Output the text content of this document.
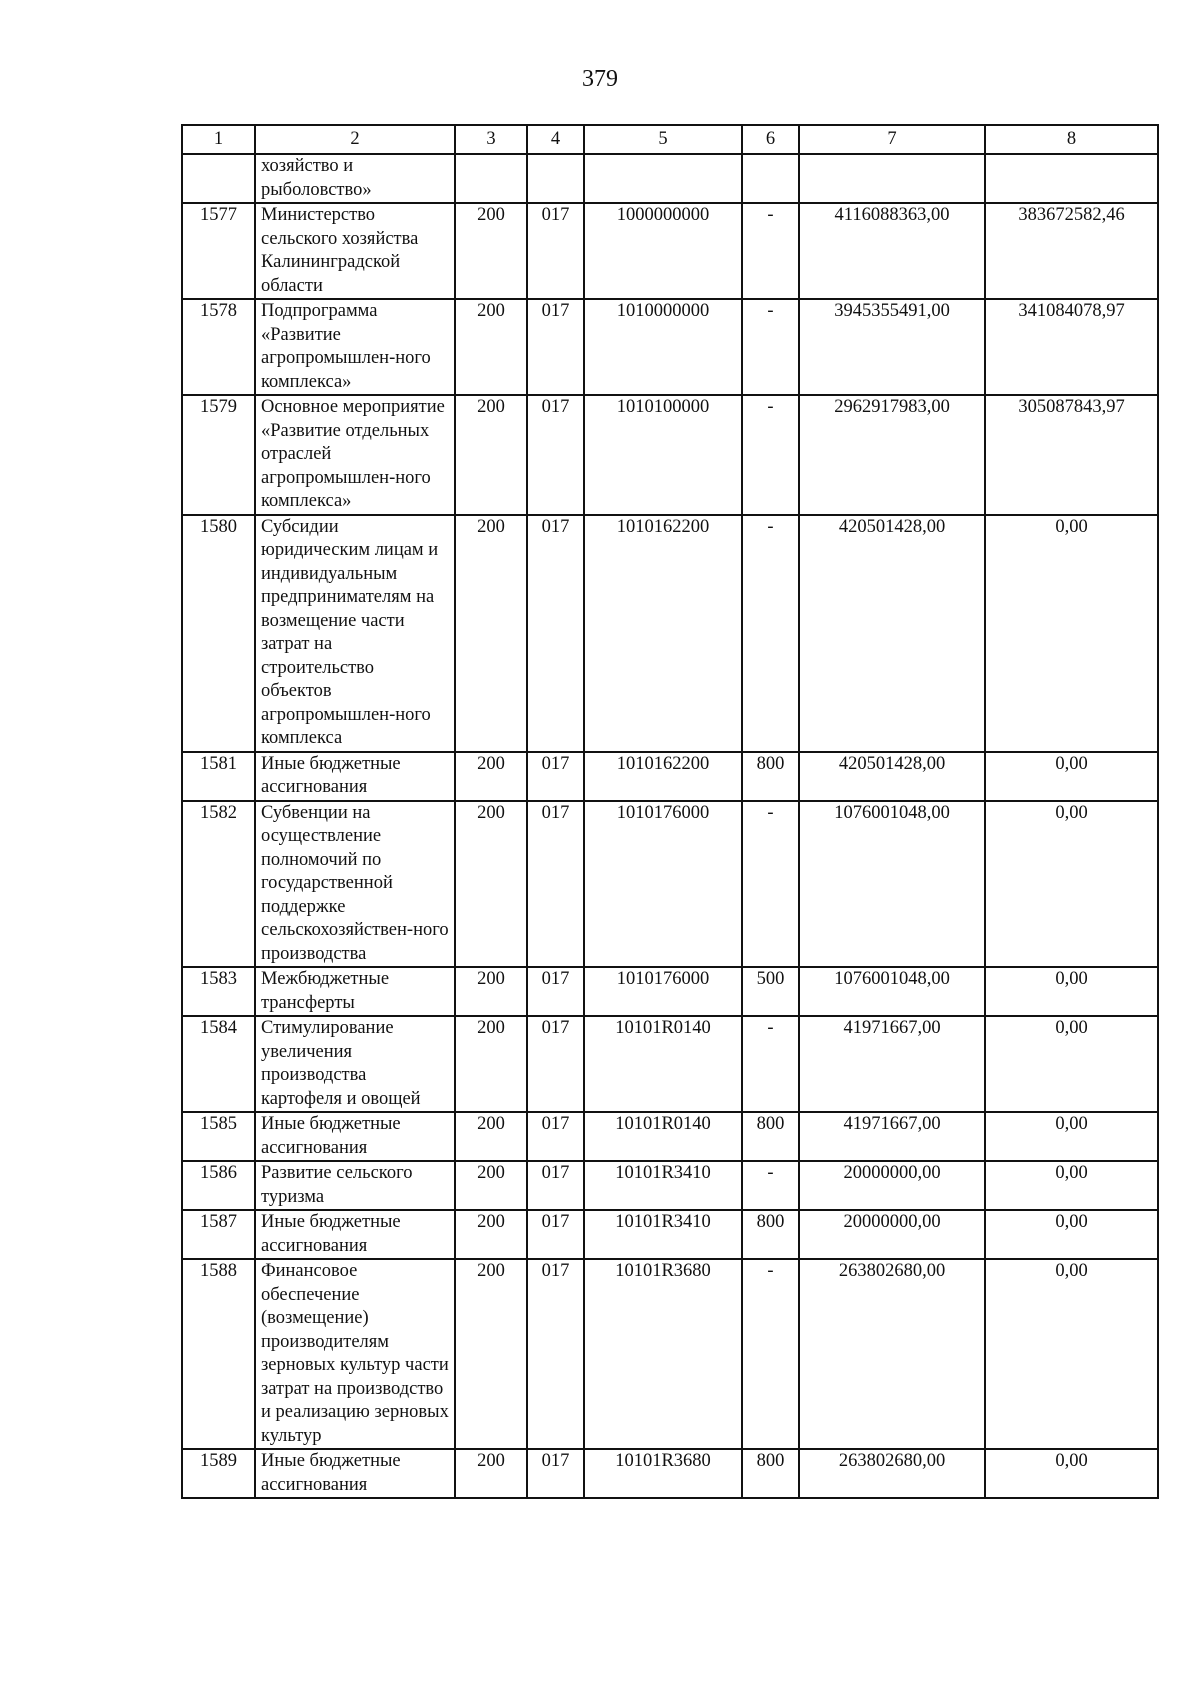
379
1	2	3	4	5	6	7	8
	хозяйство и рыболовство»						
1577	Министерство сельского хозяйства Калининградской области	200	017	1000000000	-	4116088363,00	383672582,46
1578	Подпрограмма «Развитие агропромышлен-ного комплекса»	200	017	1010000000	-	3945355491,00	341084078,97
1579	Основное мероприятие «Развитие отдельных отраслей агропромышлен-ного комплекса»	200	017	1010100000	-	2962917983,00	305087843,97
1580	Субсидии юридическим лицам и индивидуальным предпринимателям на возмещение части затрат на строительство объектов агропромышлен-ного комплекса	200	017	1010162200	-	420501428,00	0,00
1581	Иные бюджетные ассигнования	200	017	1010162200	800	420501428,00	0,00
1582	Субвенции на осуществление полномочий по государственной поддержке сельскохозяйствен-ного производства	200	017	1010176000	-	1076001048,00	0,00
1583	Межбюджетные трансферты	200	017	1010176000	500	1076001048,00	0,00
1584	Стимулирование увеличения производства картофеля и овощей	200	017	10101R0140	-	41971667,00	0,00
1585	Иные бюджетные ассигнования	200	017	10101R0140	800	41971667,00	0,00
1586	Развитие сельского туризма	200	017	10101R3410	-	20000000,00	0,00
1587	Иные бюджетные ассигнования	200	017	10101R3410	800	20000000,00	0,00
1588	Финансовое обеспечение (возмещение) производителям зерновых культур части затрат на производство и реализацию зерновых культур	200	017	10101R3680	-	263802680,00	0,00
1589	Иные бюджетные ассигнования	200	017	10101R3680	800	263802680,00	0,00
